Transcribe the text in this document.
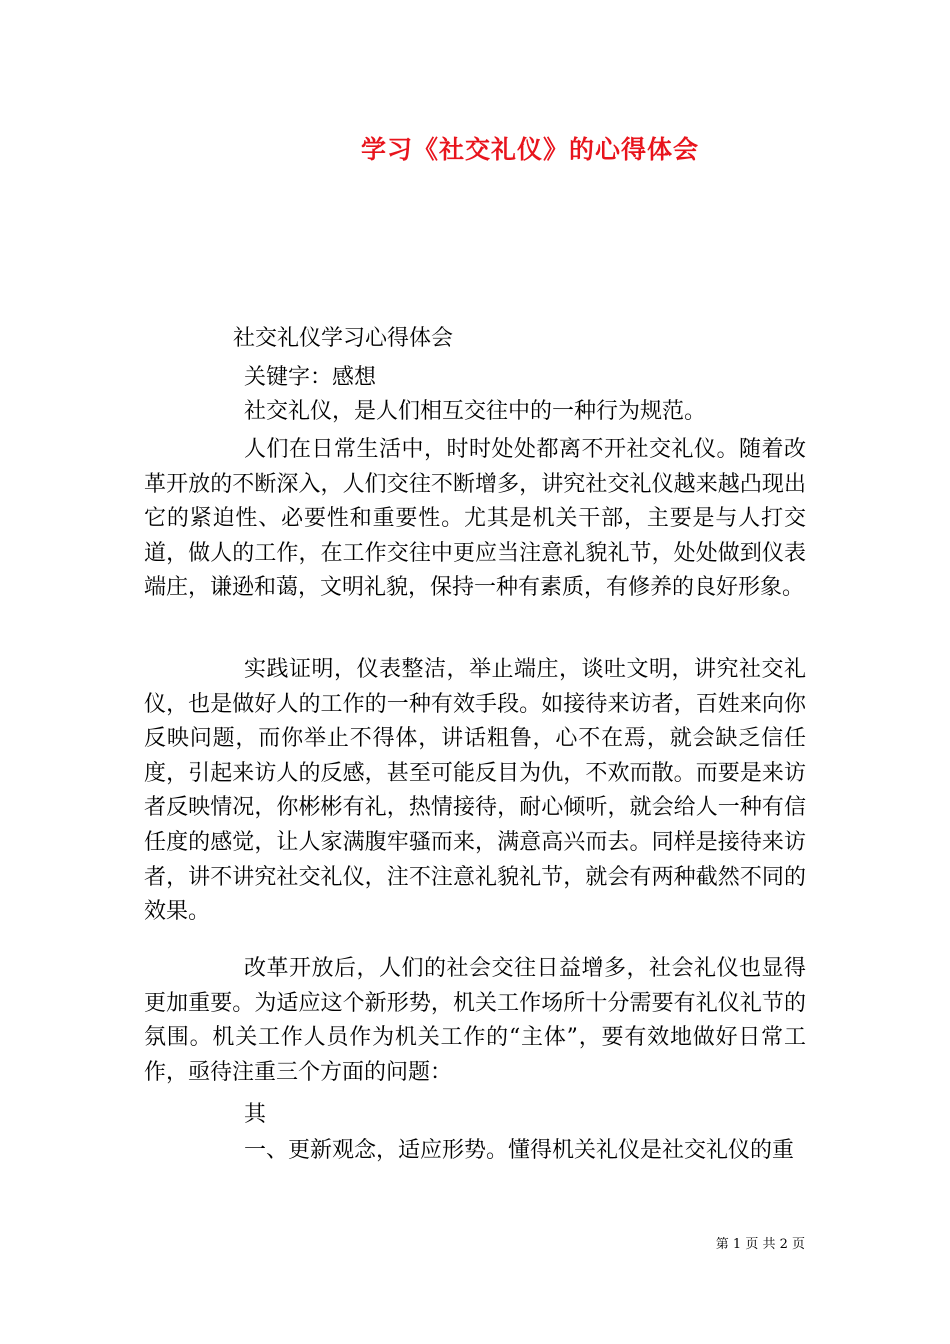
学习《社交礼仪》的心得体会
社交礼仪学习心得体会
关键字：感想
社交礼仪，是人们相互交往中的一种行为规范。

人们在日常生活中，时时处处都离不开社交礼仪。随着改革开放的不断深入，人们交往不断增多，讲究社交礼仪越来越凸现出它的紧迫性、必要性和重要性。尤其是机关干部，主要是与人打交道，做人的工作，在工作交往中更应当注意礼貌礼节，处处做到仪表端庄，谦逊和蔼，文明礼貌，保持一种有素质，有修养的良好形象。

实践证明，仪表整洁，举止端庄，谈吐文明，讲究社交礼仪，也是做好人的工作的一种有效手段。如接待来访者，百姓来向你反映问题，而你举止不得体，讲话粗鲁，心不在焉，就会缺乏信任度，引起来访人的反感，甚至可能反目为仇，不欢而散。而要是来访者反映情况，你彬彬有礼，热情接待，耐心倾听，就会给人一种有信任度的感觉，让人家满腹牢骚而来，满意高兴而去。同样是接待来访者，讲不讲究社交礼仪，注不注意礼貌礼节，就会有两种截然不同的效果。

改革开放后，人们的社会交往日益增多，社会礼仪也显得更加重要。为适应这个新形势，机关工作场所十分需要有礼仪礼节的氛围。机关工作人员作为机关工作的“主体”，要有效地做好日常工作，亟待注重三个方面的问题：

其
一、更新观念，适应形势。懂得机关礼仪是社交礼仪的重
第 1 页 共 2 页
